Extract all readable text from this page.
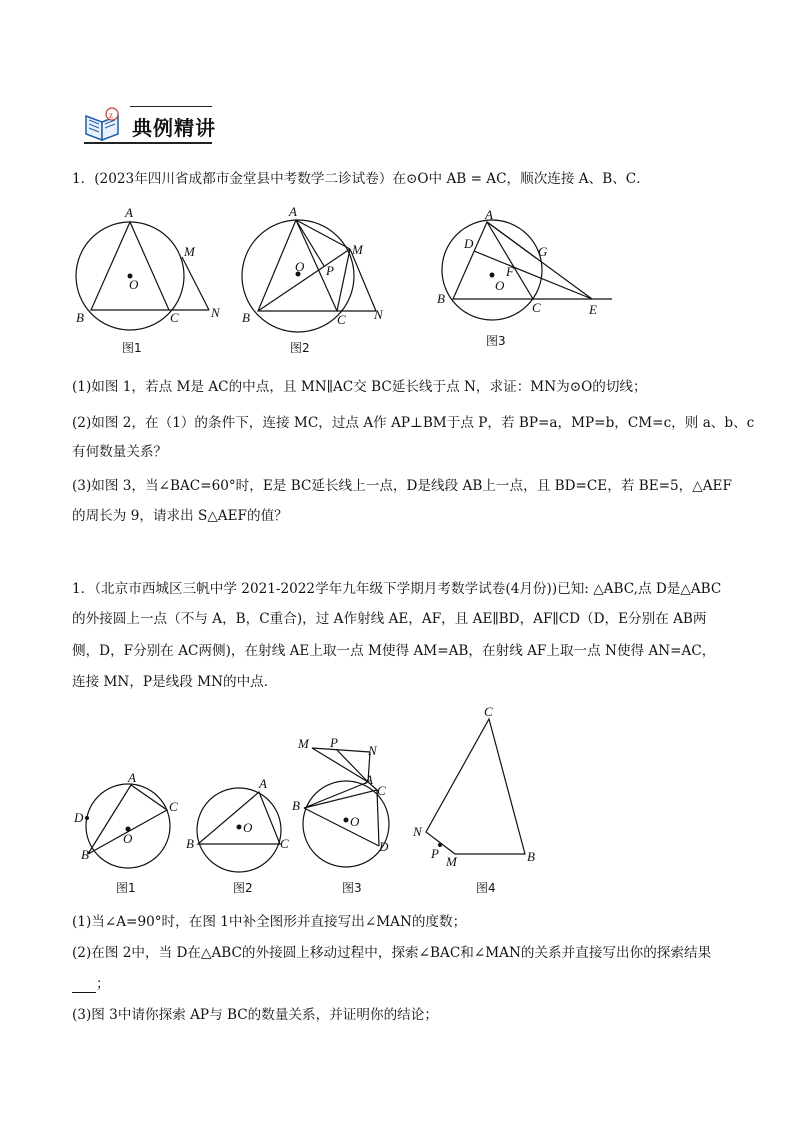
z
典例精讲
1．(2023年四川省成都市金堂县中考数学二诊试卷）在⊙O中 AB = AC，顺次连接 A、B、C．
A
M
O
B	C N
图1
A
M
O P
B	C N
图2
A
D
G
F
O
B
C	E
图3
(1)如图 1，若点 M是 AC的中点，且 MN∥AC交 BC延长线于点 N，求证：MN为⊙O的切线；
(2)如图 2，在（1）的条件下，连接 MC，过点 A作 AP⊥BM于点 P，若 BP=a，MP=b，CM=c，则 a、b、c
有何数量关系？
(3)如图 3，当∠BAC=60°时，E是 BC延长线上一点，D是线段 AB上一点，且 BD=CE，若 BE=5，△AEF
的周长为 9，请求出 S△AEF的值？
1．（北京市西城区三帆中学 2021-2022学年九年级下学期月考数学试卷(4月份))已知: △ABC,点 D是△ABC
的外接圆上一点（不与 A，B，C重合)，过 A作射线 AE，AF，且 AE∥BD，AF∥CD（D，E分别在 AB两
侧，D，F分别在 AC两侧)，在射线 AE上取一点 M使得 AM=AB，在射线 AF上取一点 N使得 AN=AC，
连接 MN，P是线段 MN的中点．
A
C
D
O
B
图1
A
O
B	C
图2
M P
N
A
C
B
O
D
图3
C
N
P
M	B
图4
(1)当∠A=90°时，在图 1中补全图形并直接写出∠MAN的度数；
(2)在图 2中，当 D在△ABC的外接圆上移动过程中，探索∠BAC和∠MAN的关系并直接写出你的探索结果
；
(3)图 3中请你探索 AP与 BC的数量关系，并证明你的结论；
